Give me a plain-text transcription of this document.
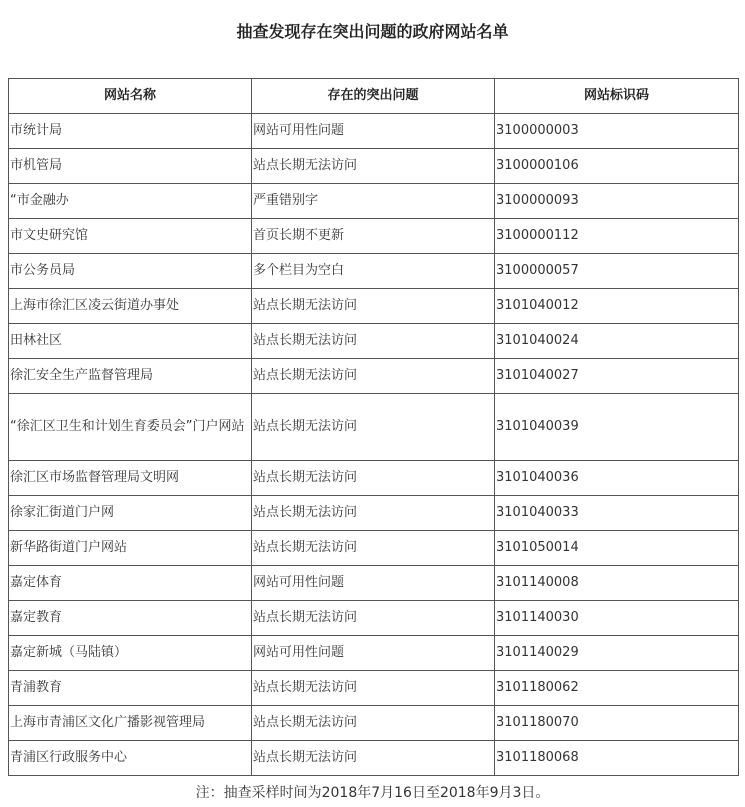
抽查发现存在突出问题的政府网站名单
网站名称	存在的突出问题	网站标识码
市统计局	网站可用性问题	3100000003
市机管局	站点长期无法访问	3100000106
“市金融办	严重错别字	3100000093
市文史研究馆	首页长期不更新	3100000112
市公务员局	多个栏目为空白	3100000057
上海市徐汇区凌云街道办事处	站点长期无法访问	3101040012
田林社区	站点长期无法访问	3101040024
徐汇安全生产监督管理局	站点长期无法访问	3101040027
“徐汇区卫生和计划生育委员会”门户网站	站点长期无法访问	3101040039
徐汇区市场监督管理局文明网	站点长期无法访问	3101040036
徐家汇街道门户网	站点长期无法访问	3101040033
新华路街道门户网站	站点长期无法访问	3101050014
嘉定体育	网站可用性问题	3101140008
嘉定教育	站点长期无法访问	3101140030
嘉定新城（马陆镇）	网站可用性问题	3101140029
青浦教育	站点长期无法访问	3101180062
上海市青浦区文化广播影视管理局	站点长期无法访问	3101180070
青浦区行政服务中心	站点长期无法访问	3101180068
注：抽查采样时间为2018年7月16日至2018年9月3日。
